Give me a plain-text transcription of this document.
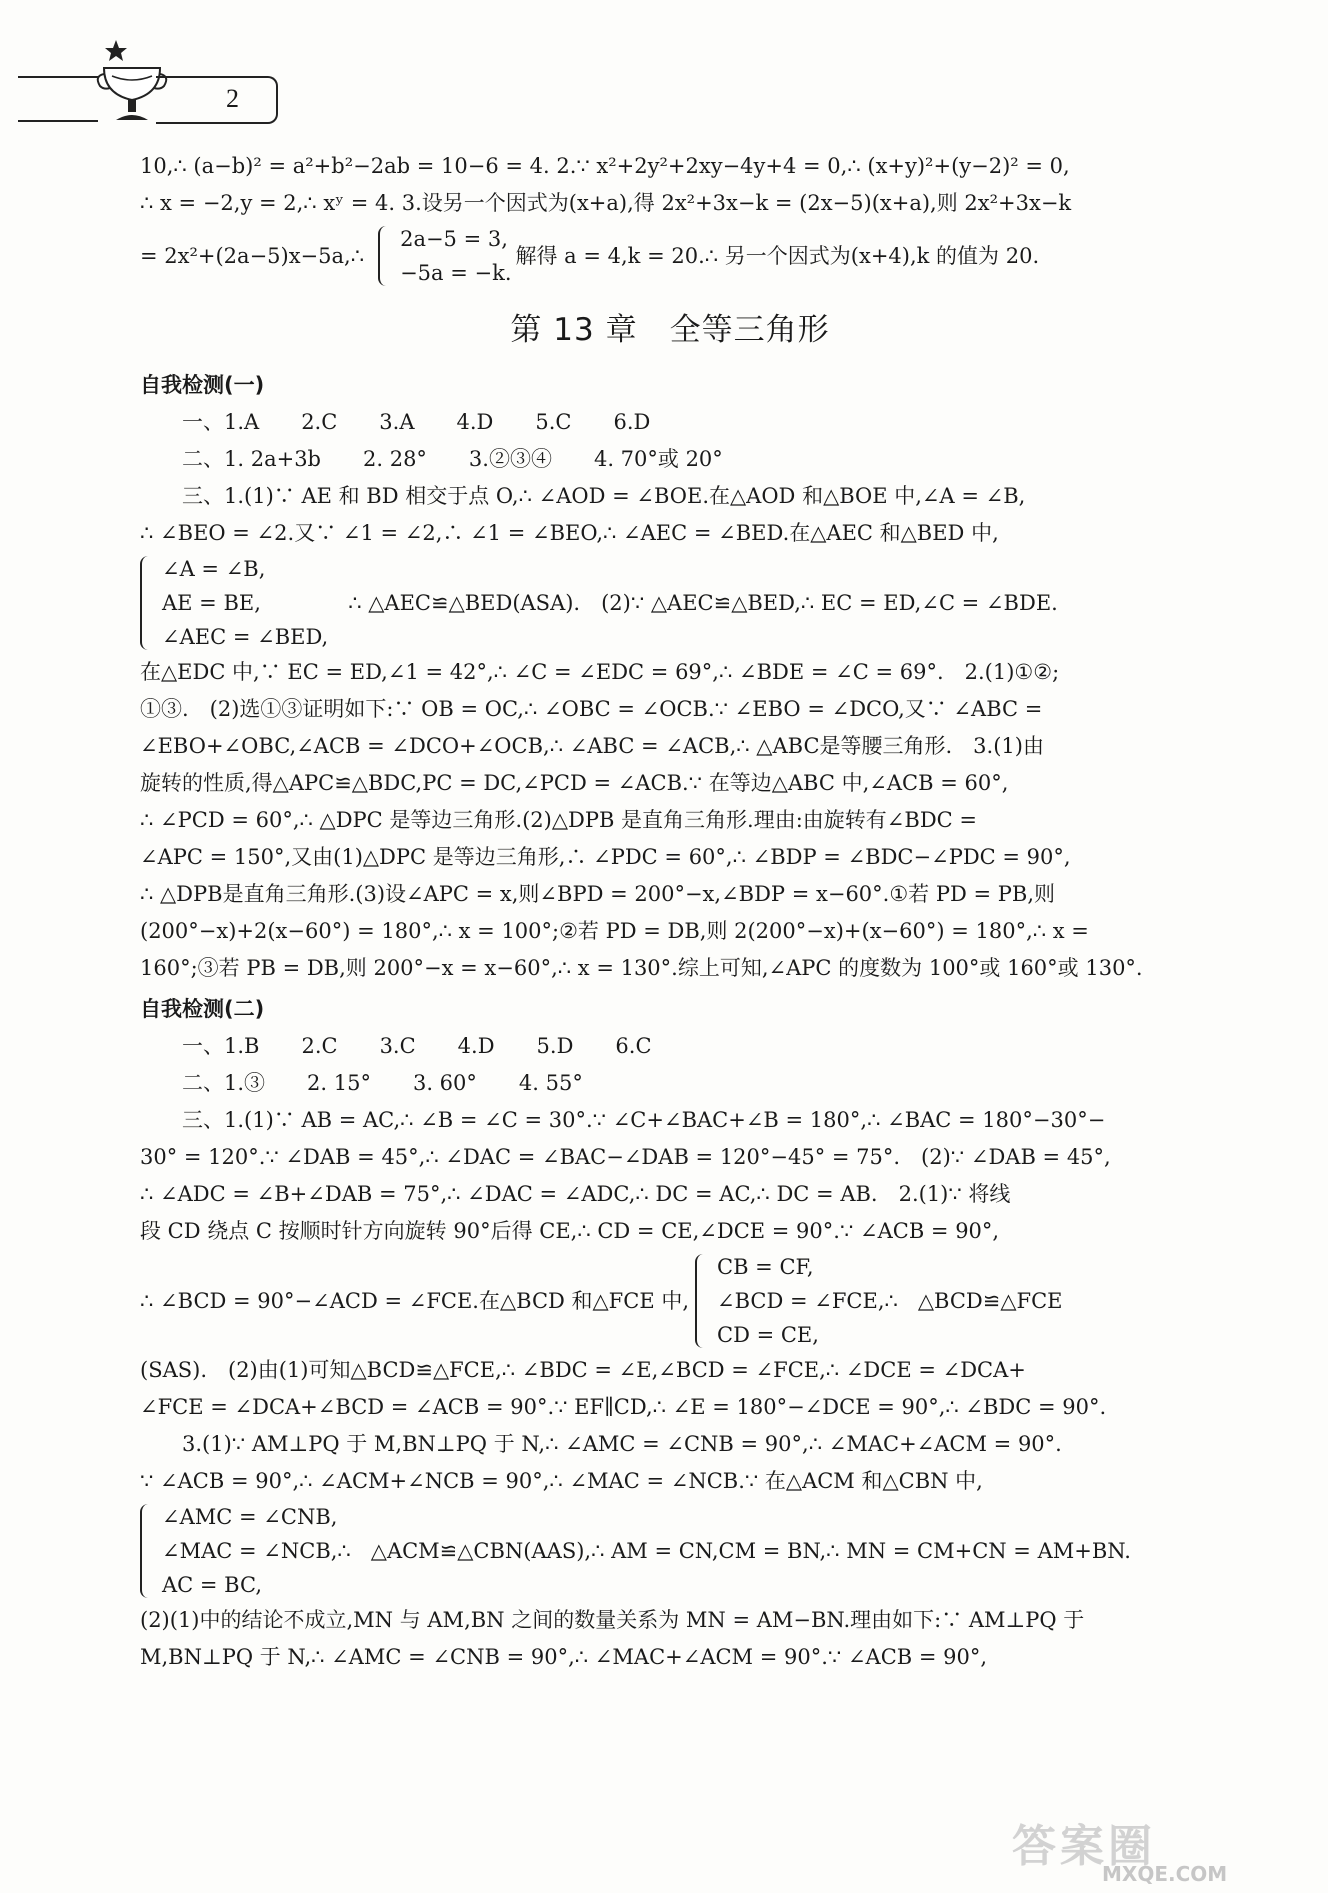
2
10,∴ (a−b)² = a²+b²−2ab = 10−6 = 4. 2.∵ x²+2y²+2xy−4y+4 = 0,∴ (x+y)²+(y−2)² = 0,
∴ x = −2,y = 2,∴ xʸ = 4. 3.设另一个因式为(x+a),得 2x²+3x−k = (2x−5)(x+a),则 2x²+3x−k
= 2x²+(2a−5)x−5a,∴
2a−5 = 3,
−5a = −k.
解得 a = 4,k = 20.∴ 另一个因式为(x+4),k 的值为 20.
第 13 章　全等三角形
自我检测(一)
一、1.A　　2.C　　3.A　　4.D　　5.C　　6.D
二、1. 2a+3b　　2. 28°　　3.②③④　　4. 70°或 20°
三、1.(1)∵ AE 和 BD 相交于点 O,∴ ∠AOD = ∠BOE.在△AOD 和△BOE 中,∠A = ∠B,
∴ ∠BEO = ∠2.又∵ ∠1 = ∠2,∴ ∠1 = ∠BEO,∴ ∠AEC = ∠BED.在△AEC 和△BED 中,
∠A = ∠B,
AE = BE,
∠AEC = ∠BED,
∴ △AEC≌△BED(ASA).　(2)∵ △AEC≌△BED,∴ EC = ED,∠C = ∠BDE.
在△EDC 中,∵ EC = ED,∠1 = 42°,∴ ∠C = ∠EDC = 69°,∴ ∠BDE = ∠C = 69°.　2.(1)①②;
①③.　(2)选①③证明如下:∵ OB = OC,∴ ∠OBC = ∠OCB.∵ ∠EBO = ∠DCO,又∵ ∠ABC =
∠EBO+∠OBC,∠ACB = ∠DCO+∠OCB,∴ ∠ABC = ∠ACB,∴ △ABC是等腰三角形.　3.(1)由
旋转的性质,得△APC≌△BDC,PC = DC,∠PCD = ∠ACB.∵ 在等边△ABC 中,∠ACB = 60°,
∴ ∠PCD = 60°,∴ △DPC 是等边三角形.(2)△DPB 是直角三角形.理由:由旋转有∠BDC =
∠APC = 150°,又由(1)△DPC 是等边三角形,∴ ∠PDC = 60°,∴ ∠BDP = ∠BDC−∠PDC = 90°,
∴ △DPB是直角三角形.(3)设∠APC = x,则∠BPD = 200°−x,∠BDP = x−60°.①若 PD = PB,则
(200°−x)+2(x−60°) = 180°,∴ x = 100°;②若 PD = DB,则 2(200°−x)+(x−60°) = 180°,∴ x =
160°;③若 PB = DB,则 200°−x = x−60°,∴ x = 130°.综上可知,∠APC 的度数为 100°或 160°或 130°.
自我检测(二)
一、1.B　　2.C　　3.C　　4.D　　5.D　　6.C
二、1.③　　2. 15°　　3. 60°　　4. 55°
三、1.(1)∵ AB = AC,∴ ∠B = ∠C = 30°.∵ ∠C+∠BAC+∠B = 180°,∴ ∠BAC = 180°−30°−
30° = 120°.∵ ∠DAB = 45°,∴ ∠DAC = ∠BAC−∠DAB = 120°−45° = 75°.　(2)∵ ∠DAB = 45°,
∴ ∠ADC = ∠B+∠DAB = 75°,∴ ∠DAC = ∠ADC,∴ DC = AC,∴ DC = AB.　2.(1)∵ 将线
段 CD 绕点 C 按顺时针方向旋转 90°后得 CE,∴ CD = CE,∠DCE = 90°.∵ ∠ACB = 90°,
∴ ∠BCD = 90°−∠ACD = ∠FCE.在△BCD 和△FCE 中,
CB = CF,
∠BCD = ∠FCE,∴
CD = CE,
△BCD≌△FCE
(SAS).　(2)由(1)可知△BCD≌△FCE,∴ ∠BDC = ∠E,∠BCD = ∠FCE,∴ ∠DCE = ∠DCA+
∠FCE = ∠DCA+∠BCD = ∠ACB = 90°.∵ EF∥CD,∴ ∠E = 180°−∠DCE = 90°,∴ ∠BDC = 90°.
3.(1)∵ AM⊥PQ 于 M,BN⊥PQ 于 N,∴ ∠AMC = ∠CNB = 90°,∴ ∠MAC+∠ACM = 90°.
∵ ∠ACB = 90°,∴ ∠ACM+∠NCB = 90°,∴ ∠MAC = ∠NCB.∵ 在△ACM 和△CBN 中,
∠AMC = ∠CNB,
∠MAC = ∠NCB,∴
AC = BC,
△ACM≌△CBN(AAS),∴ AM = CN,CM = BN,∴ MN = CM+CN = AM+BN.
(2)(1)中的结论不成立,MN 与 AM,BN 之间的数量关系为 MN = AM−BN.理由如下:∵ AM⊥PQ 于
M,BN⊥PQ 于 N,∴ ∠AMC = ∠CNB = 90°,∴ ∠MAC+∠ACM = 90°.∵ ∠ACB = 90°,
答案圈
MXQE.COM
